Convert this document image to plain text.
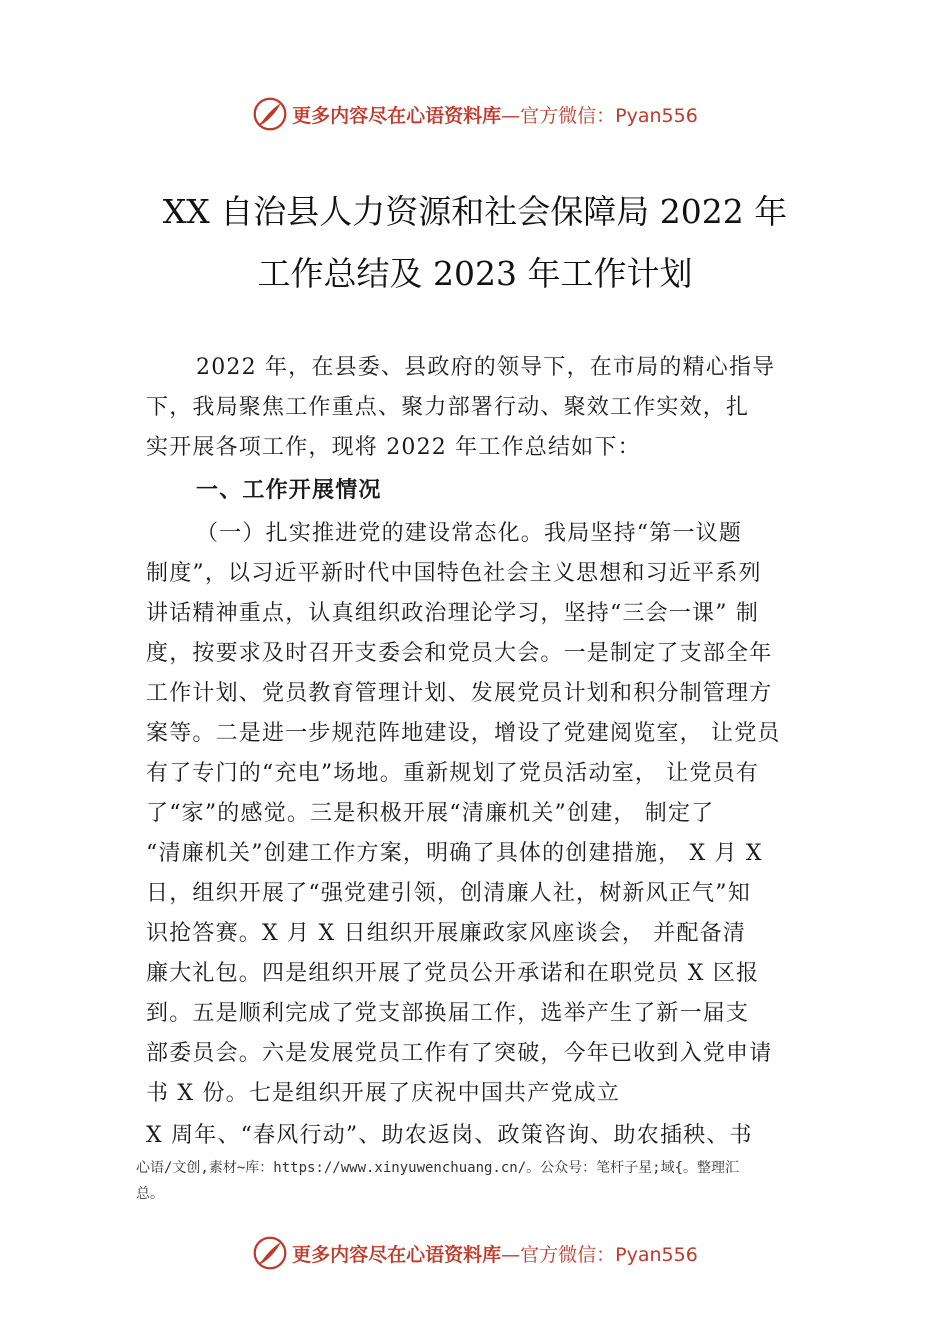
更多内容尽在心语资料库 —官方微信：Pyan556
XX 自治县人力资源和社会保障局 2022 年
工作总结及 2023 年工作计划
2022 年，在县委、县政府的领导下，在市局的精心指导
下，我局聚焦工作重点、聚力部署行动、聚效工作实效，扎
实开展各项工作，现将 2022 年工作总结如下：
一、工作开展情况
（一）扎实推进党的建设常态化。我局坚持“第一议题
制度”，以习近平新时代中国特色社会主义思想和习近平系列
讲话精神重点，认真组织政治理论学习，坚持“三会一课” 制
度，按要求及时召开支委会和党员大会。一是制定了支部全年
工作计划、党员教育管理计划、发展党员计划和积分制管理方
案等。二是进一步规范阵地建设，增设了党建阅览室， 让党员
有了专门的“充电”场地。重新规划了党员活动室， 让党员有
了“家”的感觉。三是积极开展“清廉机关”创建， 制定了
“清廉机关”创建工作方案，明确了具体的创建措施， X 月 X
日，组织开展了“强党建引领，创清廉人社，树新风正气”知
识抢答赛。X 月 X 日组织开展廉政家风座谈会， 并配备清
廉大礼包。四是组织开展了党员公开承诺和在职党员 X 区报
到。五是顺利完成了党支部换届工作，选举产生了新一届支
部委员会。六是发展党员工作有了突破，今年已收到入党申请
书 X 份。七是组织开展了庆祝中国共产党成立
X 周年、“春风行动”、助农返岗、政策咨询、助农插秧、书
心语/文创,素材~库：https://www.xinyuwenchuang.cn/。公众号：笔杆子星;域{。整理汇
总。
更多内容尽在心语资料库 —官方微信：Pyan556
